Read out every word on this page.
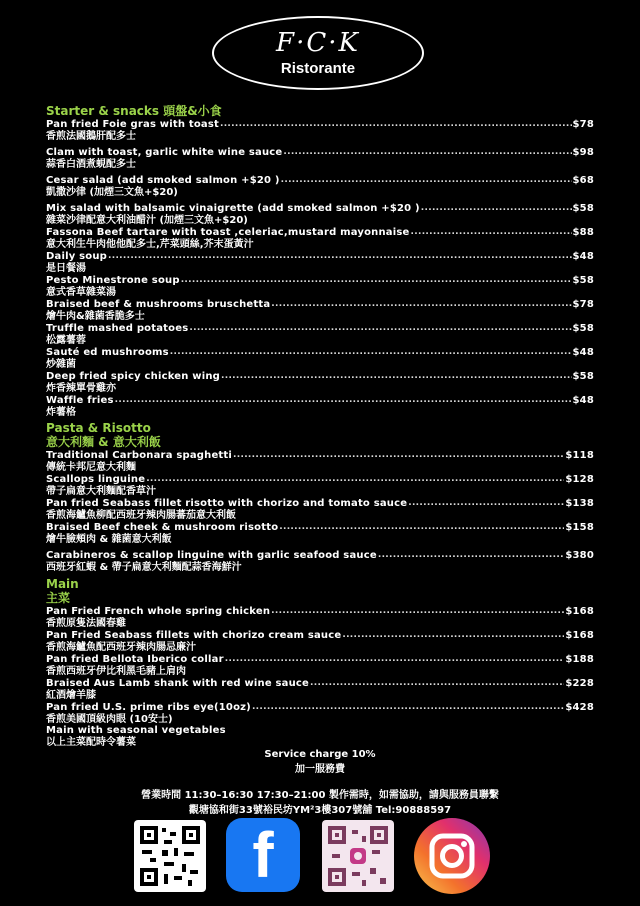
F·C·K
Ristorante
Starter & snacks 頭盤&小食
Pan fried Foie gras with toast .....	$78
香煎法國鵝肝配多士
Clam with toast, garlic white wine sauce .....	$98
蒜香白酒煮蜆配多士
Cesar salad (add smoked salmon +$20 ) .....	$68
凱撒沙律 (加煙三文魚+$20)
Mix salad with balsamic vinaigrette (add smoked salmon +$20 ) .....	$58
雜菜沙律配意大利油醋汁 (加煙三文魚+$20)
Fassona Beef tartare with toast ,celeriac,mustard mayonnaise .....	$88
意大利生牛肉他他配多士,芹菜頭絲,芥末蛋黃汁
Daily soup .....	$48
是日餐湯
Pesto Minestrone soup .....	$58
意式香草雜菜湯
Braised beef & mushrooms bruschetta .....	$78
燴牛肉&雜菌香脆多士
Truffle mashed potatoes .....	$58
松露薯蓉
Sauté ed mushrooms .....	$48
炒雜菌
Deep fried spicy chicken wing .....	$58
炸香辣單骨雞亦
Waffle fries .....	$48
炸薯格
Pasta & Risotto
意大利麵 & 意大利飯
Traditional Carbonara spaghetti .....	$118
傳統卡邦尼意大利麵
Scallops linguine .....	$128
帶子扁意大利麵配香草汁
Pan fried Seabass fillet risotto with chorizo and tomato sauce .....	$138
香煎海鱸魚柳配西班牙辣肉腸蕃茄意大利飯
Braised Beef cheek & mushroom risotto .....	$158
燴牛臉頰肉 & 雜菌意大利飯
Carabineros & scallop linguine with garlic seafood sauce .....	$380
西班牙紅蝦 & 帶子扁意大利麵配蒜香海鮮汁
Main
主菜
Pan Fried French whole spring chicken .....	$168
香煎原隻法國春雞
Pan Fried Seabass fillets with chorizo cream sauce .....	$168
香煎海鱸魚配西班牙辣肉腸忌廉汁
Pan fried Bellota Iberico collar .....	$188
香煎西班牙伊比利黑毛豬上肩肉
Braised Aus Lamb shank with red wine sauce .....	$228
紅酒燴羊膝
Pan fried U.S. prime ribs eye(10oz) .....	$428
香煎美國頂級肉眼 (10安士)
Main with seasonal vegetables
以上主菜配時令薯菜
Service charge 10%
加一服務費
營業時間 11:30–16:30 17:30–21:00 製作需時，如需協助，請與服務員聯繫
觀塘協和街33號裕民坊YM²3樓307號舖 Tel:90888597
f
